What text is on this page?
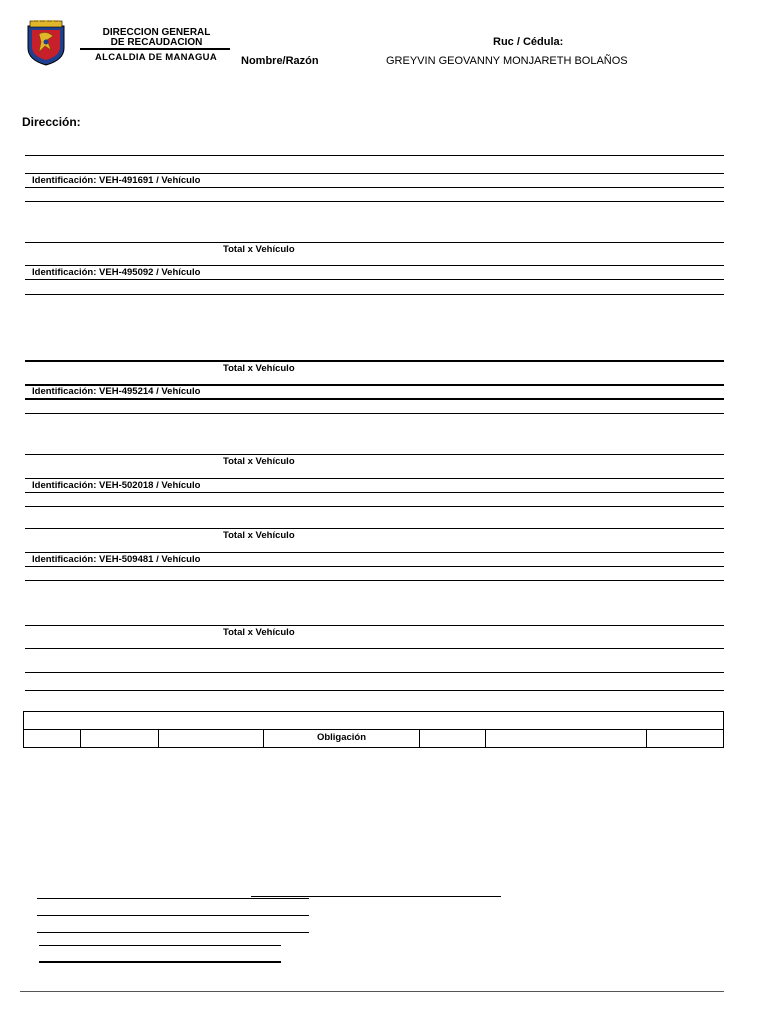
DIRECCION GENERAL
DE RECAUDACION
ALCALDIA DE MANAGUA
Ruc / Cédula:
Nombre/Razón	GREYVIN GEOVANNY MONJARETH BOLAÑOS
Dirección:
Identificación: VEH-491691 / Vehículo
Total x Vehículo
Identificación: VEH-495092 / Vehículo
Total x Vehículo
Identificación: VEH-495214 / Vehículo
Total x Vehículo
Identificación: VEH-502018 / Vehículo
Total x Vehículo
Identificación: VEH-509481 / Vehículo
Total x Vehículo
Obligación
